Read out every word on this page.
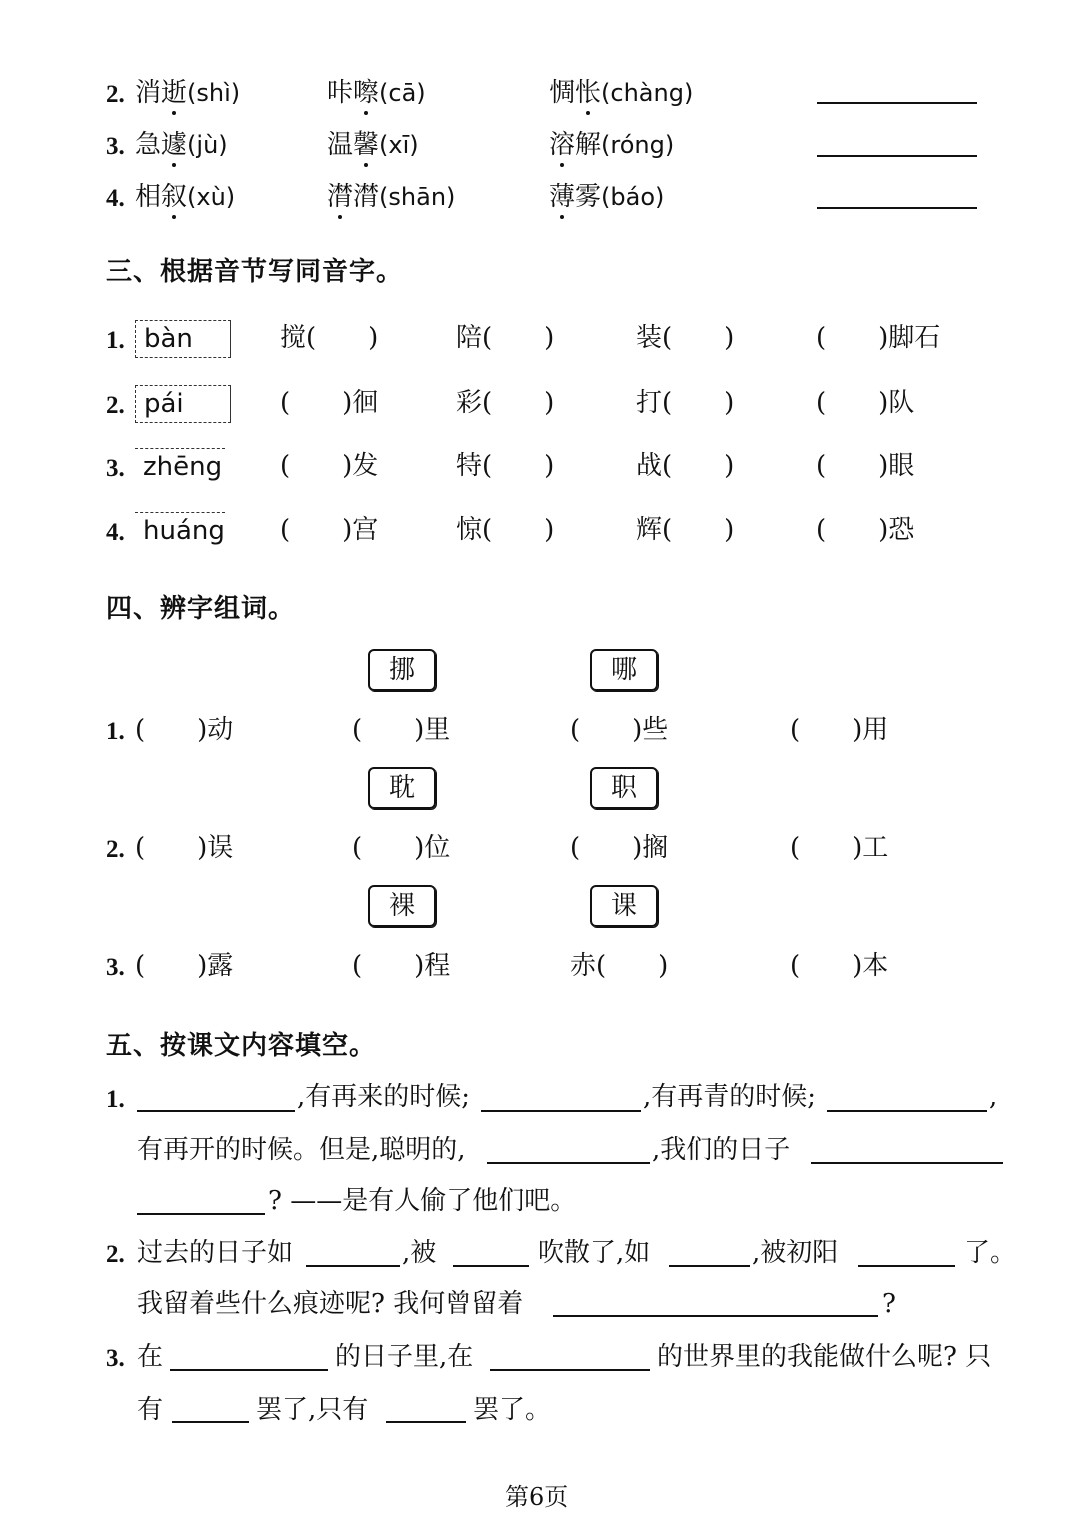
2. 消逝(shì)	咔嚓(cā)	惆怅(chàng)
3. 急遽(jù)	温馨(xī)	溶解(róng)
4. 相叙(xù)	潸潸(shān)	薄雾(báo)
三、根据音节写同音字。
1. bàn	搅(　　)	陪(　　)	装(　　)	(　　)脚石
2. pái	(　　)徊	彩(　　)	打(　　)	(　　)队
3. zhēng (　　)发	特(　　)	战(　　)	(　　)眼
4. huáng (　　)宫	惊(　　)	辉(　　)	(　　)恐
四、辨字组词。
挪	哪
1. (　　)动	(　　)里	(　　)些	(　　)用
耽	职
2. (　　)误	(　　)位	(　　)搁	(　　)工
裸	课
3. (　　)露	(　　)程	赤(　　)	(　　)本
五、按课文内容填空。
1.	,有再来的时候;	,有再青的时候;	,
有再开的时候。但是,聪明的,	,我们的日子
? ——是有人偷了他们吧。
2. 过去的日子如	,被	吹散了,如	,被初阳	了。
我留着些什么痕迹呢? 我何曾留着	?
3. 在	的日子里,在	的世界里的我能做什么呢? 只
有	罢了,只有	罢了。
第6页
